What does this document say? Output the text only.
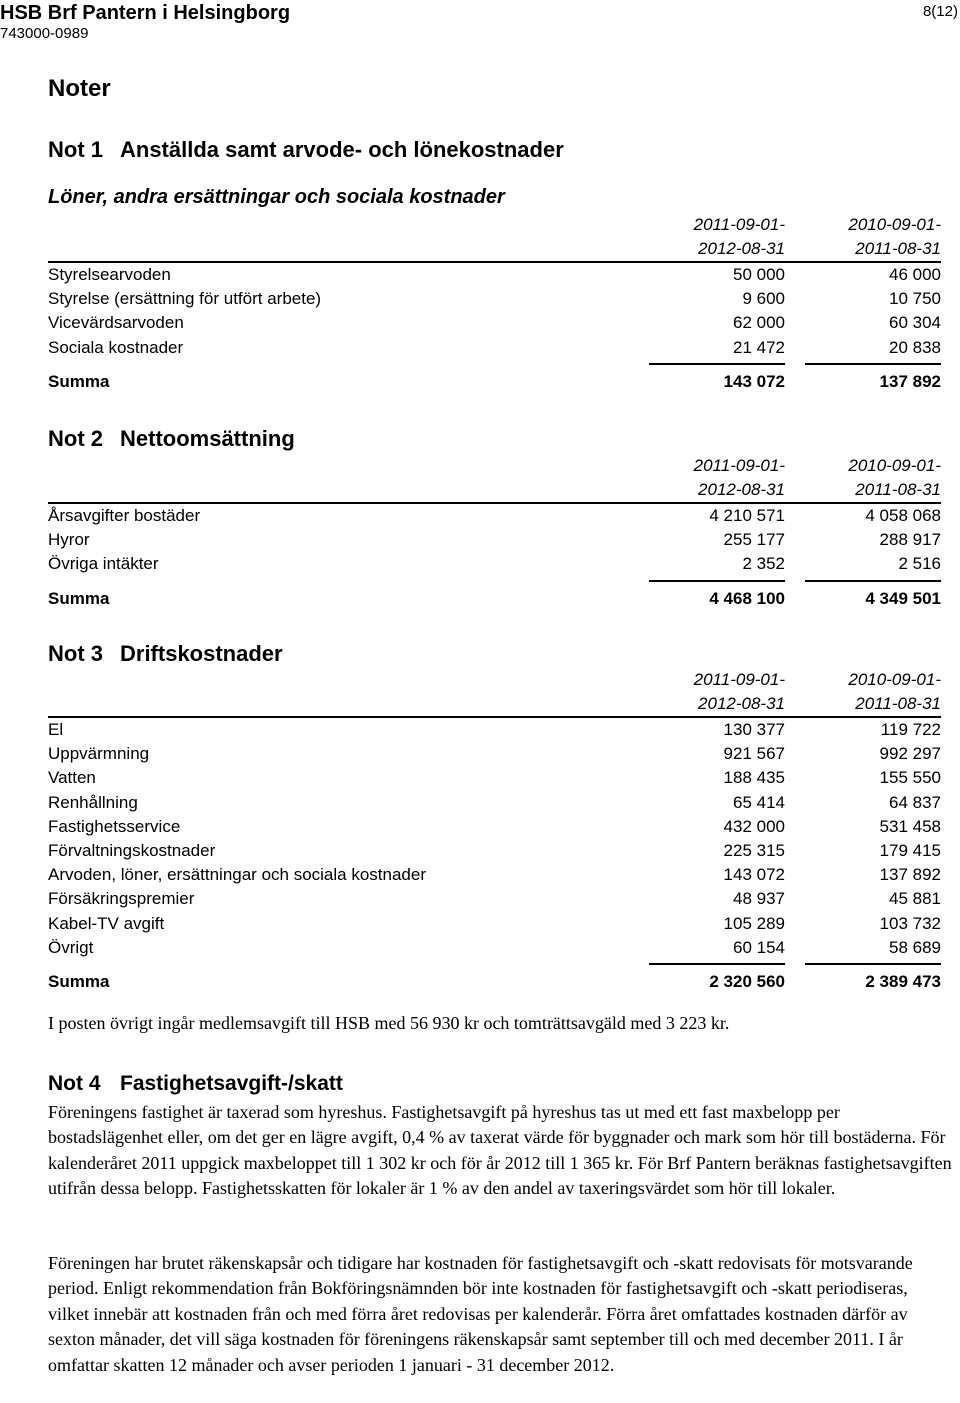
HSB Brf Pantern i Helsingborg
743000-0989
8(12)
Noter
Not 1 Anställda samt arvode- och lönekostnader
Löner, andra ersättningar och sociala kostnader
2011-09-01-
2012-08-31
2010-09-01-
2011-08-31
Styrelsearvoden	50 000	46 000
Styrelse (ersättning för utfört arbete)	9 600	10 750
Vicevärdsarvoden	62 000	60 304
Sociala kostnader	21 472	20 838
Summa	143 072	137 892
Not 2 Nettoomsättning
2011-09-01-
2012-08-31
2010-09-01-
2011-08-31
Årsavgifter bostäder	4 210 571	4 058 068
Hyror	255 177	288 917
Övriga intäkter	2 352	2 516
Summa	4 468 100	4 349 501
Not 3 Driftskostnader
2011-09-01-
2012-08-31
2010-09-01-
2011-08-31
El	130 377	119 722
Uppvärmning	921 567	992 297
Vatten	188 435	155 550
Renhållning	65 414	64 837
Fastighetsservice	432 000	531 458
Förvaltningskostnader	225 315	179 415
Arvoden, löner, ersättningar och sociala kostnader	143 072	137 892
Försäkringspremier	48 937	45 881
Kabel-TV avgift	105 289	103 732
Övrigt	60 154	58 689
Summa	2 320 560	2 389 473
I posten övrigt ingår medlemsavgift till HSB med 56 930 kr och tomträttsavgäld med 3 223 kr.
Not 4 Fastighetsavgift-/skatt
Föreningens fastighet är taxerad som hyreshus. Fastighetsavgift på hyreshus tas ut med ett fast maxbelopp per bostadslägenhet eller, om det ger en lägre avgift, 0,4 % av taxerat värde för byggnader och mark som hör till bostäderna. För kalenderåret 2011 uppgick maxbeloppet till 1 302 kr och för år 2012 till 1 365 kr. För Brf Pantern beräknas fastighetsavgiften utifrån dessa belopp. Fastighetsskatten för lokaler är 1 % av den andel av taxeringsvärdet som hör till lokaler.
Föreningen har brutet räkenskapsår och tidigare har kostnaden för fastighetsavgift och -skatt redovisats för motsvarande period. Enligt rekommendation från Bokföringsnämnden bör inte kostnaden för fastighetsavgift och -skatt periodiseras, vilket innebär att kostnaden från och med förra året redovisas per kalenderår. Förra året omfattades kostnaden därför av sexton månader, det vill säga kostnaden för föreningens räkenskapsår samt september till och med december 2011. I år omfattar skatten 12 månader och avser perioden 1 januari - 31 december 2012.
